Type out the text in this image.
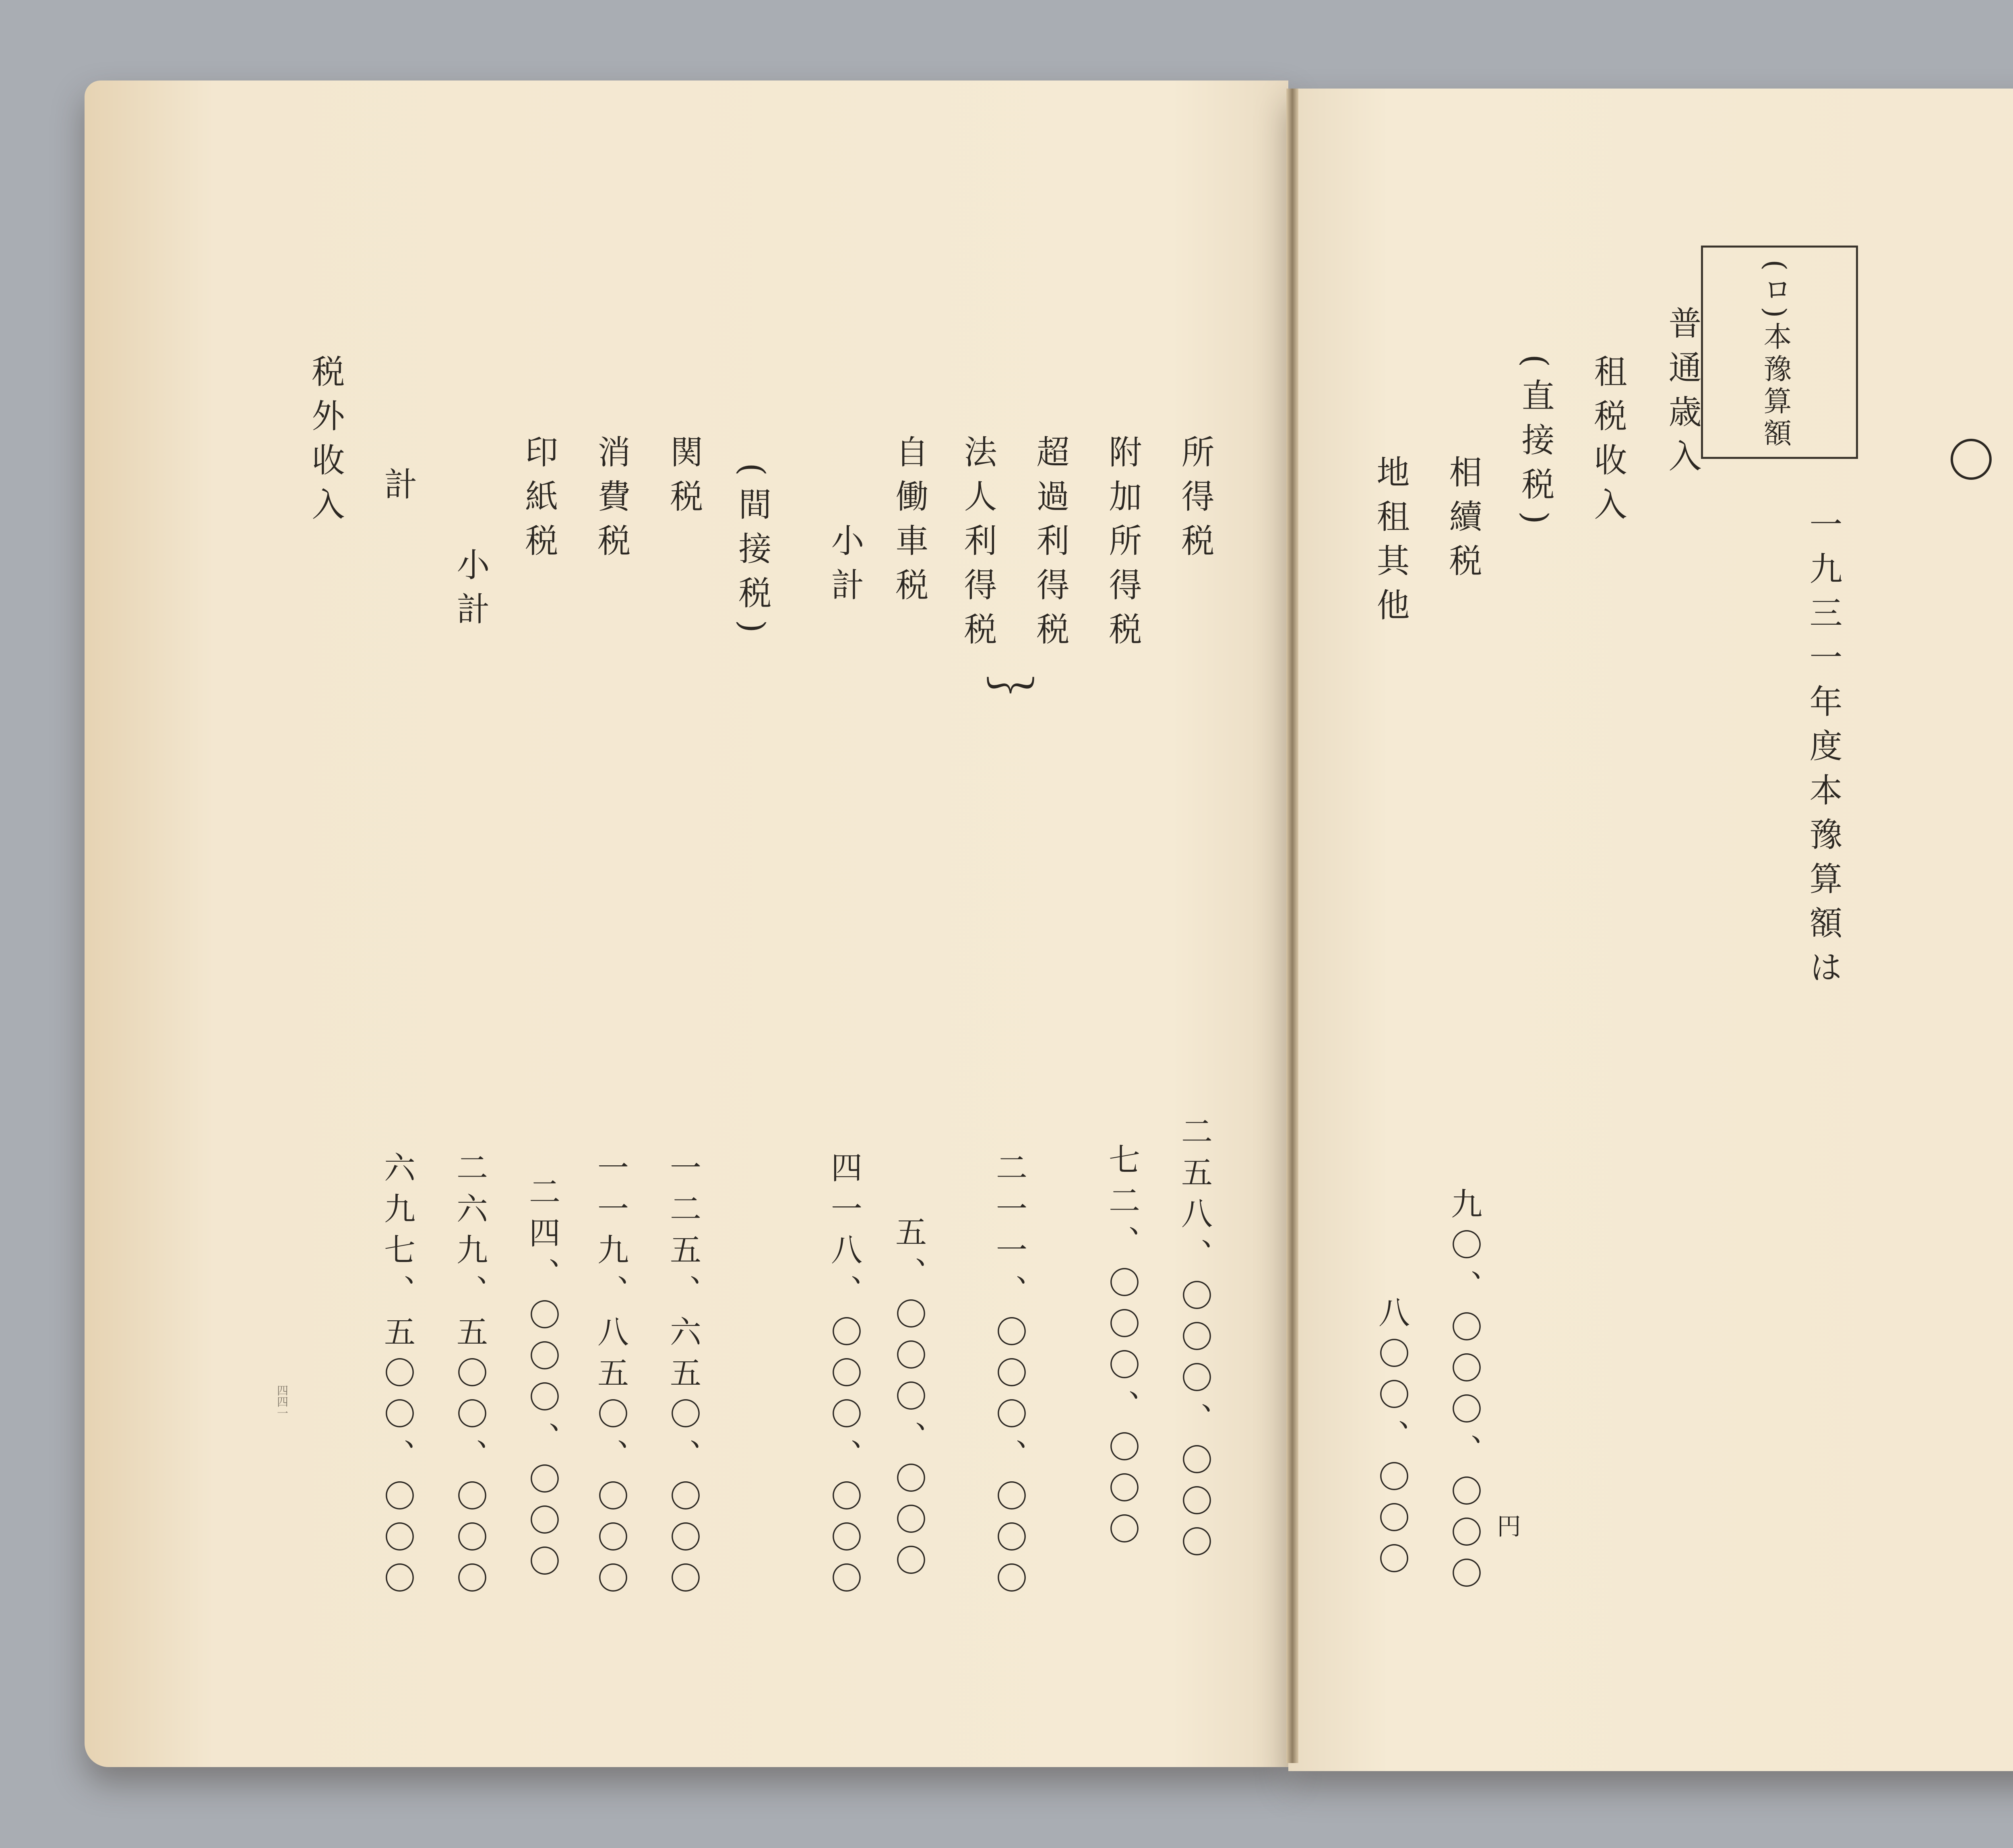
(ロ)本豫算額
普通歳入
租税收入
(直接税)
相續税
地租其他	一九三一年度本豫算額は
九〇、〇〇〇、〇〇〇
八〇〇、〇〇〇	円
所得税
附加所得税
超過利得税
︸
法人利得税
自働車税
小計
(間接税)
関税
消費税
印紙税
小計
計
税外收入
二五八、〇〇〇、〇〇〇
七二、〇〇〇、〇〇〇
二一一、〇〇〇、〇〇〇
五、〇〇〇、〇〇〇
四一八、〇〇〇、〇〇〇
一二五、六五〇、〇〇〇
一一九、八五〇、〇〇〇
二四、〇〇〇、〇〇〇
二六九、五〇〇、〇〇〇
六九七、五〇〇、〇〇〇
四四一
